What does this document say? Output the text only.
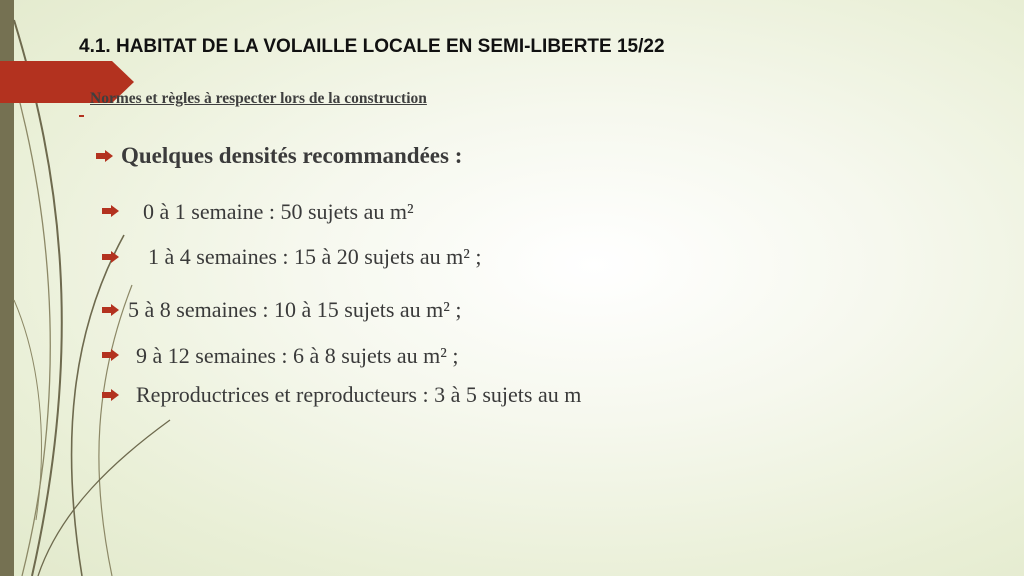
4.1. HABITAT DE LA VOLAILLE LOCALE EN SEMI-LIBERTE 15/22
Normes et règles à respecter lors de la construction
Quelques densités recommandées :
0 à 1 semaine : 50 sujets au m²
1 à 4 semaines : 15 à 20 sujets au m² ;
5 à 8 semaines : 10 à 15 sujets au m² ;
9 à 12 semaines : 6 à 8 sujets au m² ;
Reproductrices et reproducteurs : 3 à 5 sujets au m
